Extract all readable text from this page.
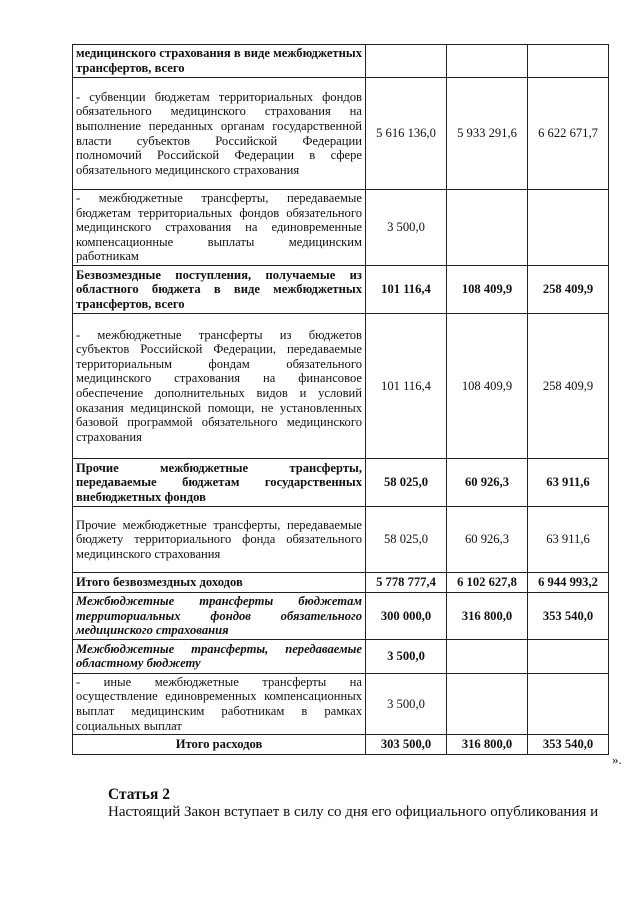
медицинского страхования в виде межбюджетных трансфертов, всего			
- субвенции бюджетам территориальных фондов обязательного медицинского страхования на выполнение переданных органам государственной власти субъектов Российской Федерации полномочий Российской Федерации в сфере обязательного медицинского страхования	5 616 136,0	5 933 291,6	6 622 671,7
- межбюджетные трансферты, передаваемые бюджетам территориальных фондов обязательного медицинского страхования на единовременные компенсационные выплаты медицинским работникам	3 500,0		
Безвозмездные поступления, получаемые из областного бюджета в виде межбюджетных трансфертов, всего	101 116,4	108 409,9	258 409,9
- межбюджетные трансферты из бюджетов субъектов Российской Федерации, передаваемые территориальным фондам обязательного медицинского страхования на финансовое обеспечение дополнительных видов и условий оказания медицинской помощи, не установленных базовой программой обязательного медицинского страхования	101 116,4	108 409,9	258 409,9
Прочие межбюджетные трансферты, передаваемые бюджетам государственных внебюджетных фондов	58 025,0	60 926,3	63 911,6
Прочие межбюджетные трансферты, передаваемые бюджету территориального фонда обязательного медицинского страхования	58 025,0	60 926,3	63 911,6
Итого безвозмездных доходов	5 778 777,4	6 102 627,8	6 944 993,2
Межбюджетные трансферты бюджетам территориальных фондов обязательного медицинского страхования	300 000,0	316 800,0	353 540,0
Межбюджетные трансферты, передаваемые областному бюджету	3 500,0		
- иные межбюджетные трансферты на осуществление единовременных компенсационных выплат медицинским работникам в рамках социальных выплат	3 500,0		
Итого расходов	303 500,0	316 800,0	353 540,0
».
Статья 2
Настоящий Закон вступает в силу со дня его официального опубликования и
